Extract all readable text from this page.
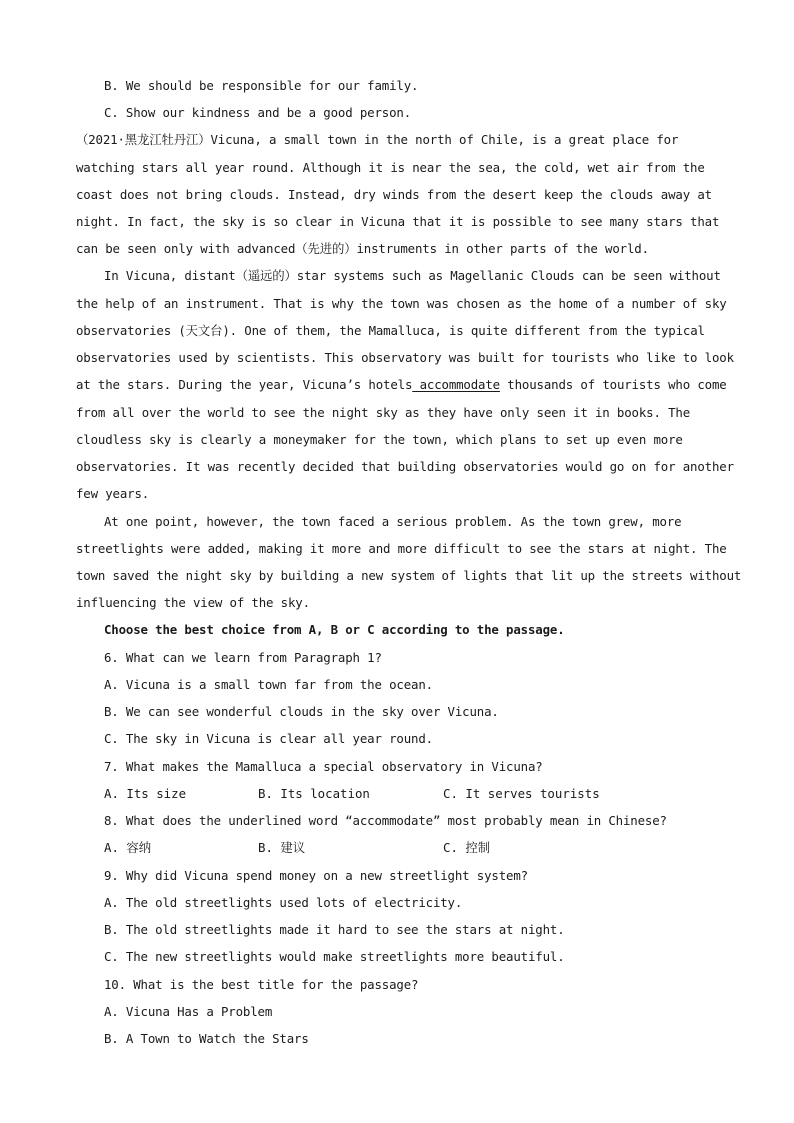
B. We should be responsible for our family.
C. Show our kindness and be a good person.
（2021·黑龙江牡丹江）Vicuna, a small town in the north of Chile, is a great place for
watching stars all year round. Although it is near the sea, the cold, wet air from the
coast does not bring clouds. Instead, dry winds from the desert keep the clouds away at
night. In fact, the sky is so clear in Vicuna that it is possible to see many stars that
can be seen only with advanced（先进的）instruments in other parts of the world.
In Vicuna, distant（遥远的）star systems such as Magellanic Clouds can be seen without
the help of an instrument. That is why the town was chosen as the home of a number of sky
observatories (天文台). One of them, the Mamalluca, is quite different from the typical
observatories used by scientists. This observatory was built for tourists who like to look
at the stars. During the year, Vicuna’s hotels accommodate thousands of tourists who come
from all over the world to see the night sky as they have only seen it in books. The
cloudless sky is clearly a moneymaker for the town, which plans to set up even more
observatories. It was recently decided that building observatories would go on for another
few years.
At one point, however, the town faced a serious problem. As the town grew, more
streetlights were added, making it more and more difficult to see the stars at night. The
town saved the night sky by building a new system of lights that lit up the streets without
influencing the view of the sky.
Choose the best choice from A, B or C according to the passage.
6. What can we learn from Paragraph 1?
A. Vicuna is a small town far from the ocean.
B. We can see wonderful clouds in the sky over Vicuna.
C. The sky in Vicuna is clear all year round.
7. What makes the Mamalluca a special observatory in Vicuna?
A. Its size	B. Its location	C. It serves tourists
8. What does the underlined word “accommodate” most probably mean in Chinese?
A. 容纳	B. 建议	C. 控制
9. Why did Vicuna spend money on a new streetlight system?
A. The old streetlights used lots of electricity.
B. The old streetlights made it hard to see the stars at night.
C. The new streetlights would make streetlights more beautiful.
10. What is the best title for the passage?
A. Vicuna Has a Problem
B. A Town to Watch the Stars
